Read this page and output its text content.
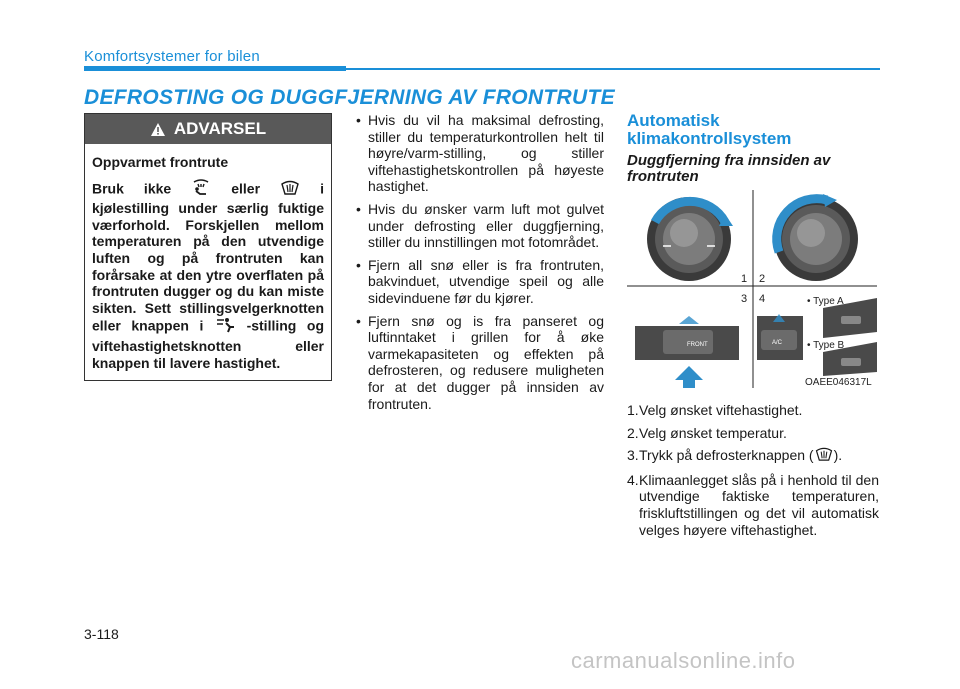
Komfortsystemer for bilen
DEFROSTING OG DUGGFJERNING AV FRONTRUTE
ADVARSEL
Oppvarmet frontrute
Bruk ikke	eller	i kjølestilling under særlig fuktige værforhold. Forskjellen mellom temperaturen på den utvendige luften og på frontruten kan forårsake at den ytre overflaten på frontruten dugger og du kan miste sikten. Sett stillingsvelgerknotten eller knappen i	-stilling og viftehastighetsknotten eller knappen til lavere hastighet.
• Hvis du vil ha maksimal defrosting, stiller du temperaturkontrollen helt til høyre/varm-stilling, og stiller viftehastighetskontrollen på høyeste hastighet.
• Hvis du ønsker varm luft mot gulvet under defrosting eller duggfjerning, stiller du innstillingen mot fotområdet.
• Fjern all snø eller is fra frontruten, bakvinduet, utvendige speil og alle sidevinduene før du kjører.
• Fjern snø og is fra panseret og luftinntaket i grillen for å øke varmekapasiteten og effekten på defrosteren, og redusere muligheten for at det dugger på innsiden av frontruten.
Automatisk klimakontrollsystem
Duggfjerning fra innsiden av frontruten
1 2
3 4
FRONT	A/C
• Type A
• Type B
OAEE046317L
1. Velg ønsket viftehastighet.
2. Velg ønsket temperatur.
3. Trykk på defrosterknappen ( ).
4. Klimaanlegget slås på i henhold til den utvendige faktiske temperaturen, friskluftstillingen og det vil automatisk velges høyere viftehastighet.
3-118
carmanualsonline.info
